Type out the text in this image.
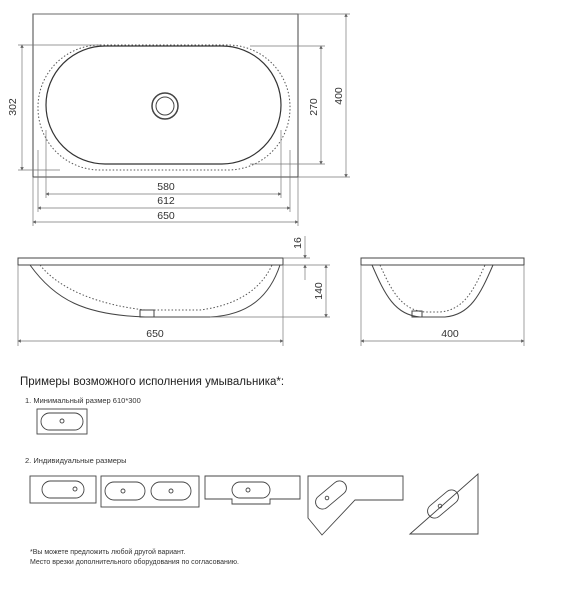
580
612
650
302	270
400
16
140
650	400
Примеры возможного исполнения умывальника*:
1. Минимальный размер 610*300
2. Индивидуальные размеры
*Вы можете предложить любой другой вариант.
Место врезки дополнительного оборудования по согласованию.
